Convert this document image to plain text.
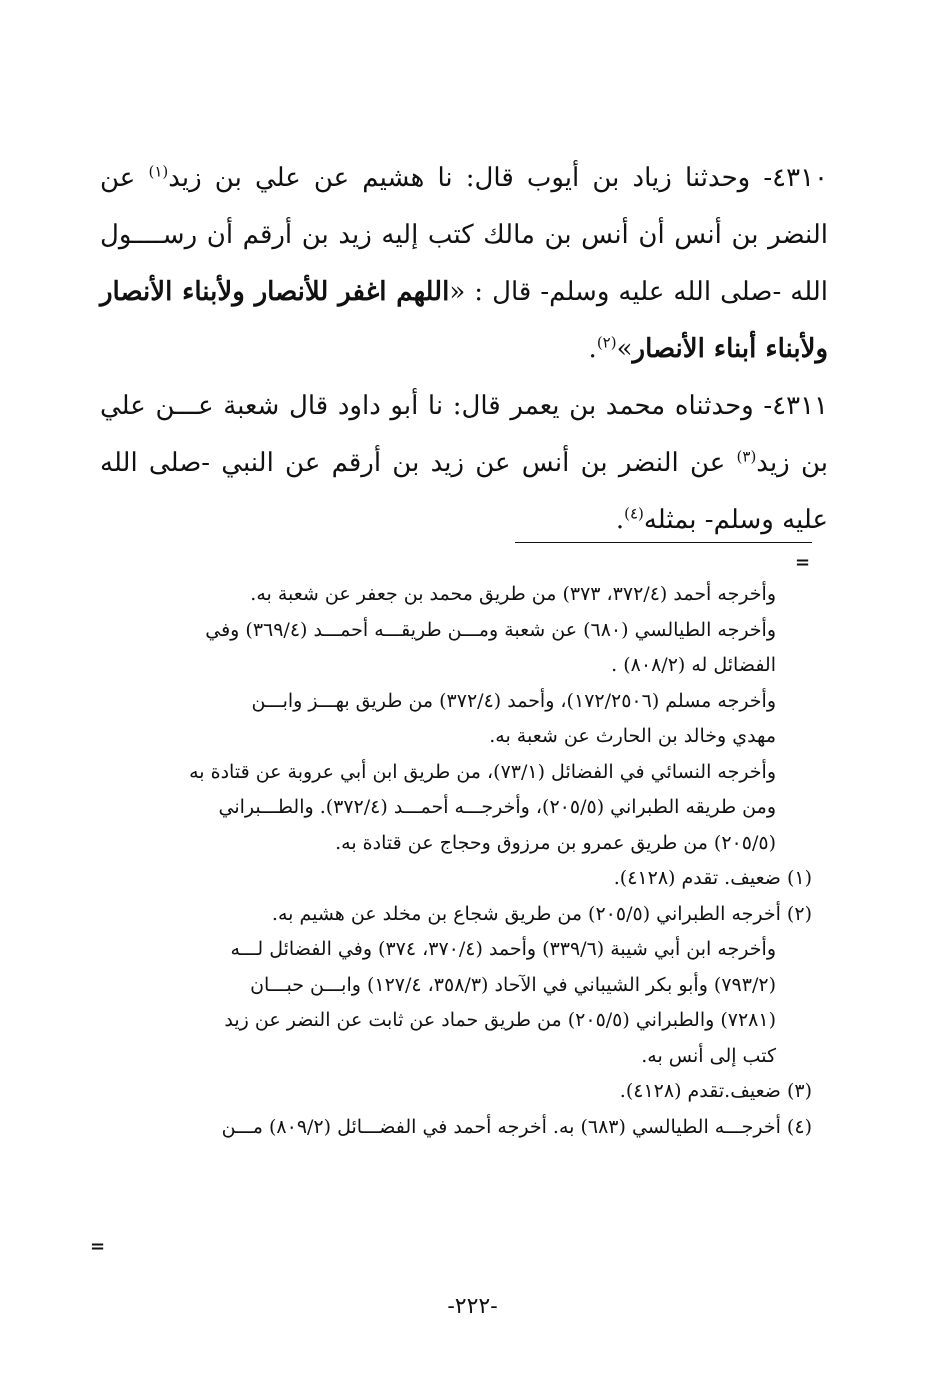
٤٣١٠- وحدثنا زياد بن أيوب قال: نا هشيم عن علي بن زيد$^{(١)}$ عن النضر بن أنس أن أنس بن مالك كتب إليه زيد بن أرقم أن رســــول الله -صلى الله عليه وسلم- قال : «اللهم اغفر للأنصار ولأبناء الأنصار ولأبناء أبناء الأنصار»$^{(٢)}$.

٤٣١١- وحدثناه محمد بن يعمر قال: نا أبو داود قال شعبة عـــن علي بن زيد$^{(٣)}$ عن النضر بن أنس عن زيد بن أرقم عن النبي -صلى الله عليه وسلم- بمثله$^{(٤)}$.

=
وأخرجه أحمد (٣٧٢/٤، ٣٧٣) من طريق محمد بن جعفر عن شعبة به.
وأخرجه الطيالسي (٦٨٠) عن شعبة ومـــن طريقـــه أحمـــد (٣٦٩/٤) وفي
الفضائل له (٨٠٨/٢) .
وأخرجه مسلم (١٧٢/٢٥٠٦)، وأحمد (٣٧٢/٤) من طريق بهـــز وابـــن
مهدي وخالد بن الحارث عن شعبة به.
وأخرجه النسائي في الفضائل (٧٣/١)، من طريق ابن أبي عروبة عن قتادة به
ومن طريقه الطبراني (٢٠٥/٥)، وأخرجـــه أحمـــد (٣٧٢/٤). والطـــبراني
(٢٠٥/٥) من طريق عمرو بن مرزوق وحجاج عن قتادة به.
(١) ضعيف. تقدم (٤١٢٨).
(٢) أخرجه الطبراني (٢٠٥/٥) من طريق شجاع بن مخلد عن هشيم به.
وأخرجه ابن أبي شيبة (٣٣٩/٦) وأحمد (٣٧٠/٤، ٣٧٤) وفي الفضائل لـــه
(٧٩٣/٢) وأبو بكر الشيباني في الآحاد (٣٥٨/٣، ١٢٧/٤) وابـــن حبـــان
(٧٢٨١) والطبراني (٢٠٥/٥) من طريق حماد عن ثابت عن النضر عن زيد
كتب إلى أنس به.
(٣) ضعيف.تقدم (٤١٢٨).
(٤) أخرجـــه الطيالسي (٦٨٣) به. أخرجه أحمد في الفضـــائل (٨٠٩/٢) مـــن
=
-٢٢٢-
